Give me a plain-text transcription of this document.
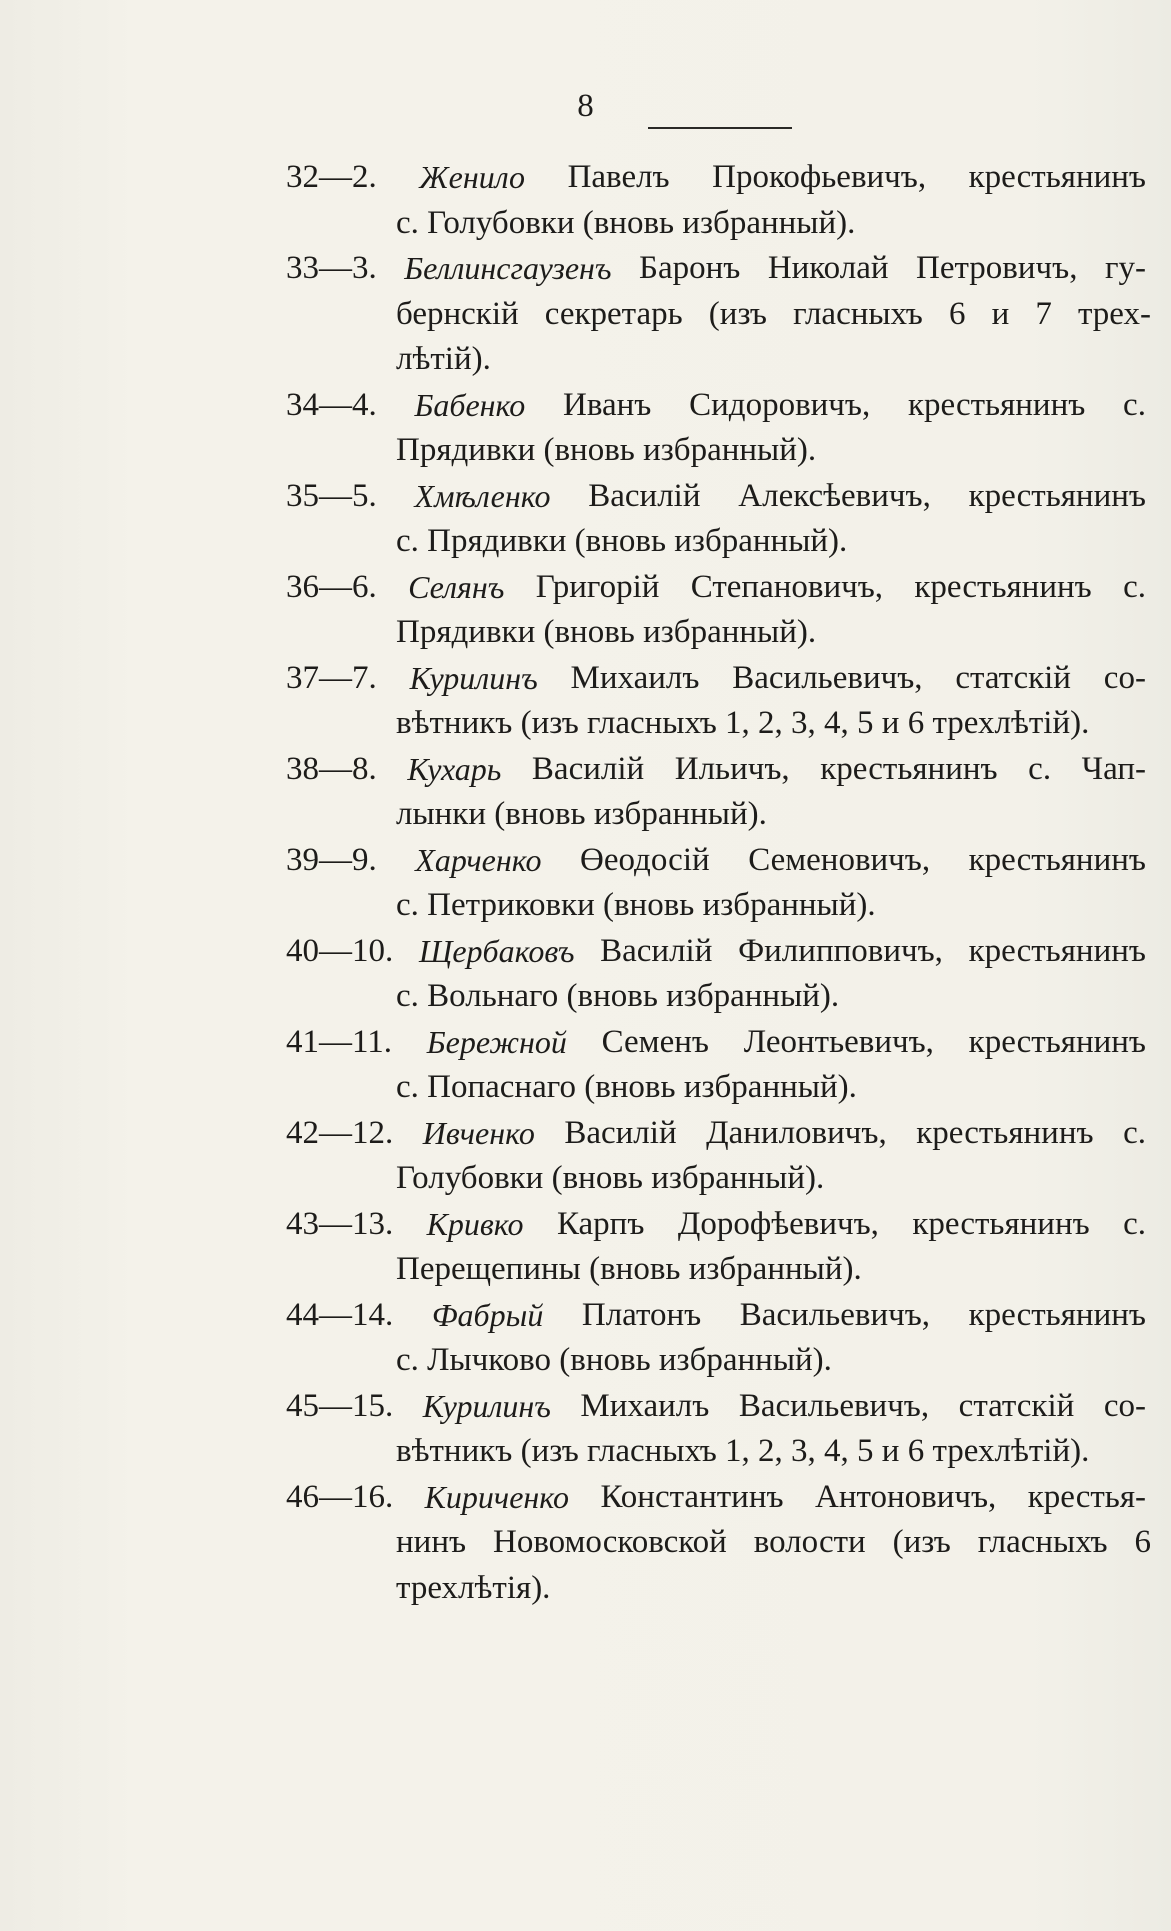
8
32—2. Женило Павелъ Прокофьевичъ, крестьянинъ
с. Голубовки (вновь избранный).
33—3. Беллинсгаузенъ Баронъ Николай Петровичъ, гу-
бернскій секретарь (изъ гласныхъ 6 и 7 трех-
лѣтій).
34—4. Бабенко Иванъ Сидоровичъ, крестьянинъ с.
Прядивки (вновь избранный).
35—5. Хмѣленко Василій Алексѣевичъ, крестьянинъ
с. Прядивки (вновь избранный).
36—6. Селянъ Григорій Степановичъ, крестьянинъ с.
Прядивки (вновь избранный).
37—7. Курилинъ Михаилъ Васильевичъ, статскій со-
вѣтникъ (изъ гласныхъ 1, 2, 3, 4, 5 и 6 трехлѣтій).
38—8. Кухарь Василій Ильичъ, крестьянинъ с. Чап-
лынки (вновь избранный).
39—9. Харченко Өеодосій Семеновичъ, крестьянинъ
с. Петриковки (вновь избранный).
40—10. Щербаковъ Василій Филипповичъ, крестьянинъ
с. Вольнаго (вновь избранный).
41—11. Бережной Семенъ Леонтьевичъ, крестьянинъ
с. Попаснаго (вновь избранный).
42—12. Ивченко Василій Даниловичъ, крестьянинъ с.
Голубовки (вновь избранный).
43—13. Кривко Карпъ Дорофѣевичъ, крестьянинъ с.
Перещепины (вновь избранный).
44—14. Фабрый Платонъ Васильевичъ, крестьянинъ
с. Лычково (вновь избранный).
45—15. Курилинъ Михаилъ Васильевичъ, статскій со-
вѣтникъ (изъ гласныхъ 1, 2, 3, 4, 5 и 6 трехлѣтій).
46—16. Кириченко Константинъ Антоновичъ, крестья-
нинъ Новомосковской волости (изъ гласныхъ 6
трехлѣтія).
